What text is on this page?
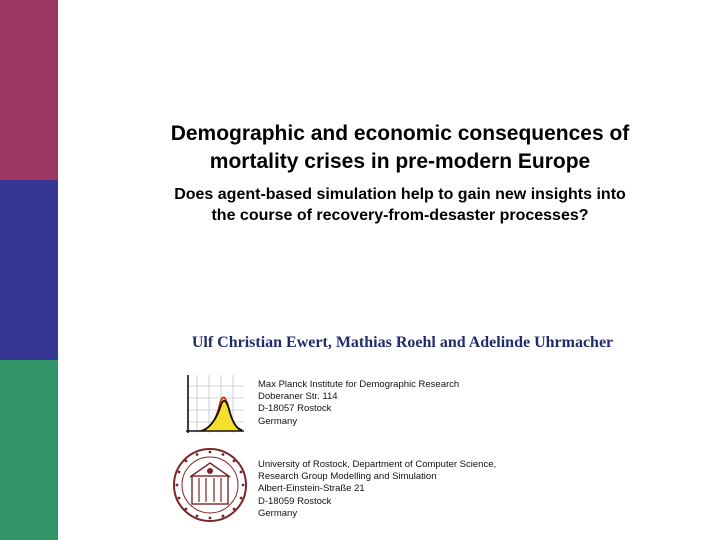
Demographic and economic consequences of
mortality crises in pre-modern Europe
Does agent-based simulation help to gain new insights into
the course of recovery-from-desaster processes?
Ulf Christian Ewert, Mathias Roehl and Adelinde Uhrmacher
Max Planck Institute for Demographic Research
Doberaner Str. 114
D-18057 Rostock
Germany
University of Rostock, Department of Computer Science,
Research Group Modelling and Simulation
Albert-Einstein-Straße 21
D-18059 Rostock
Germany
